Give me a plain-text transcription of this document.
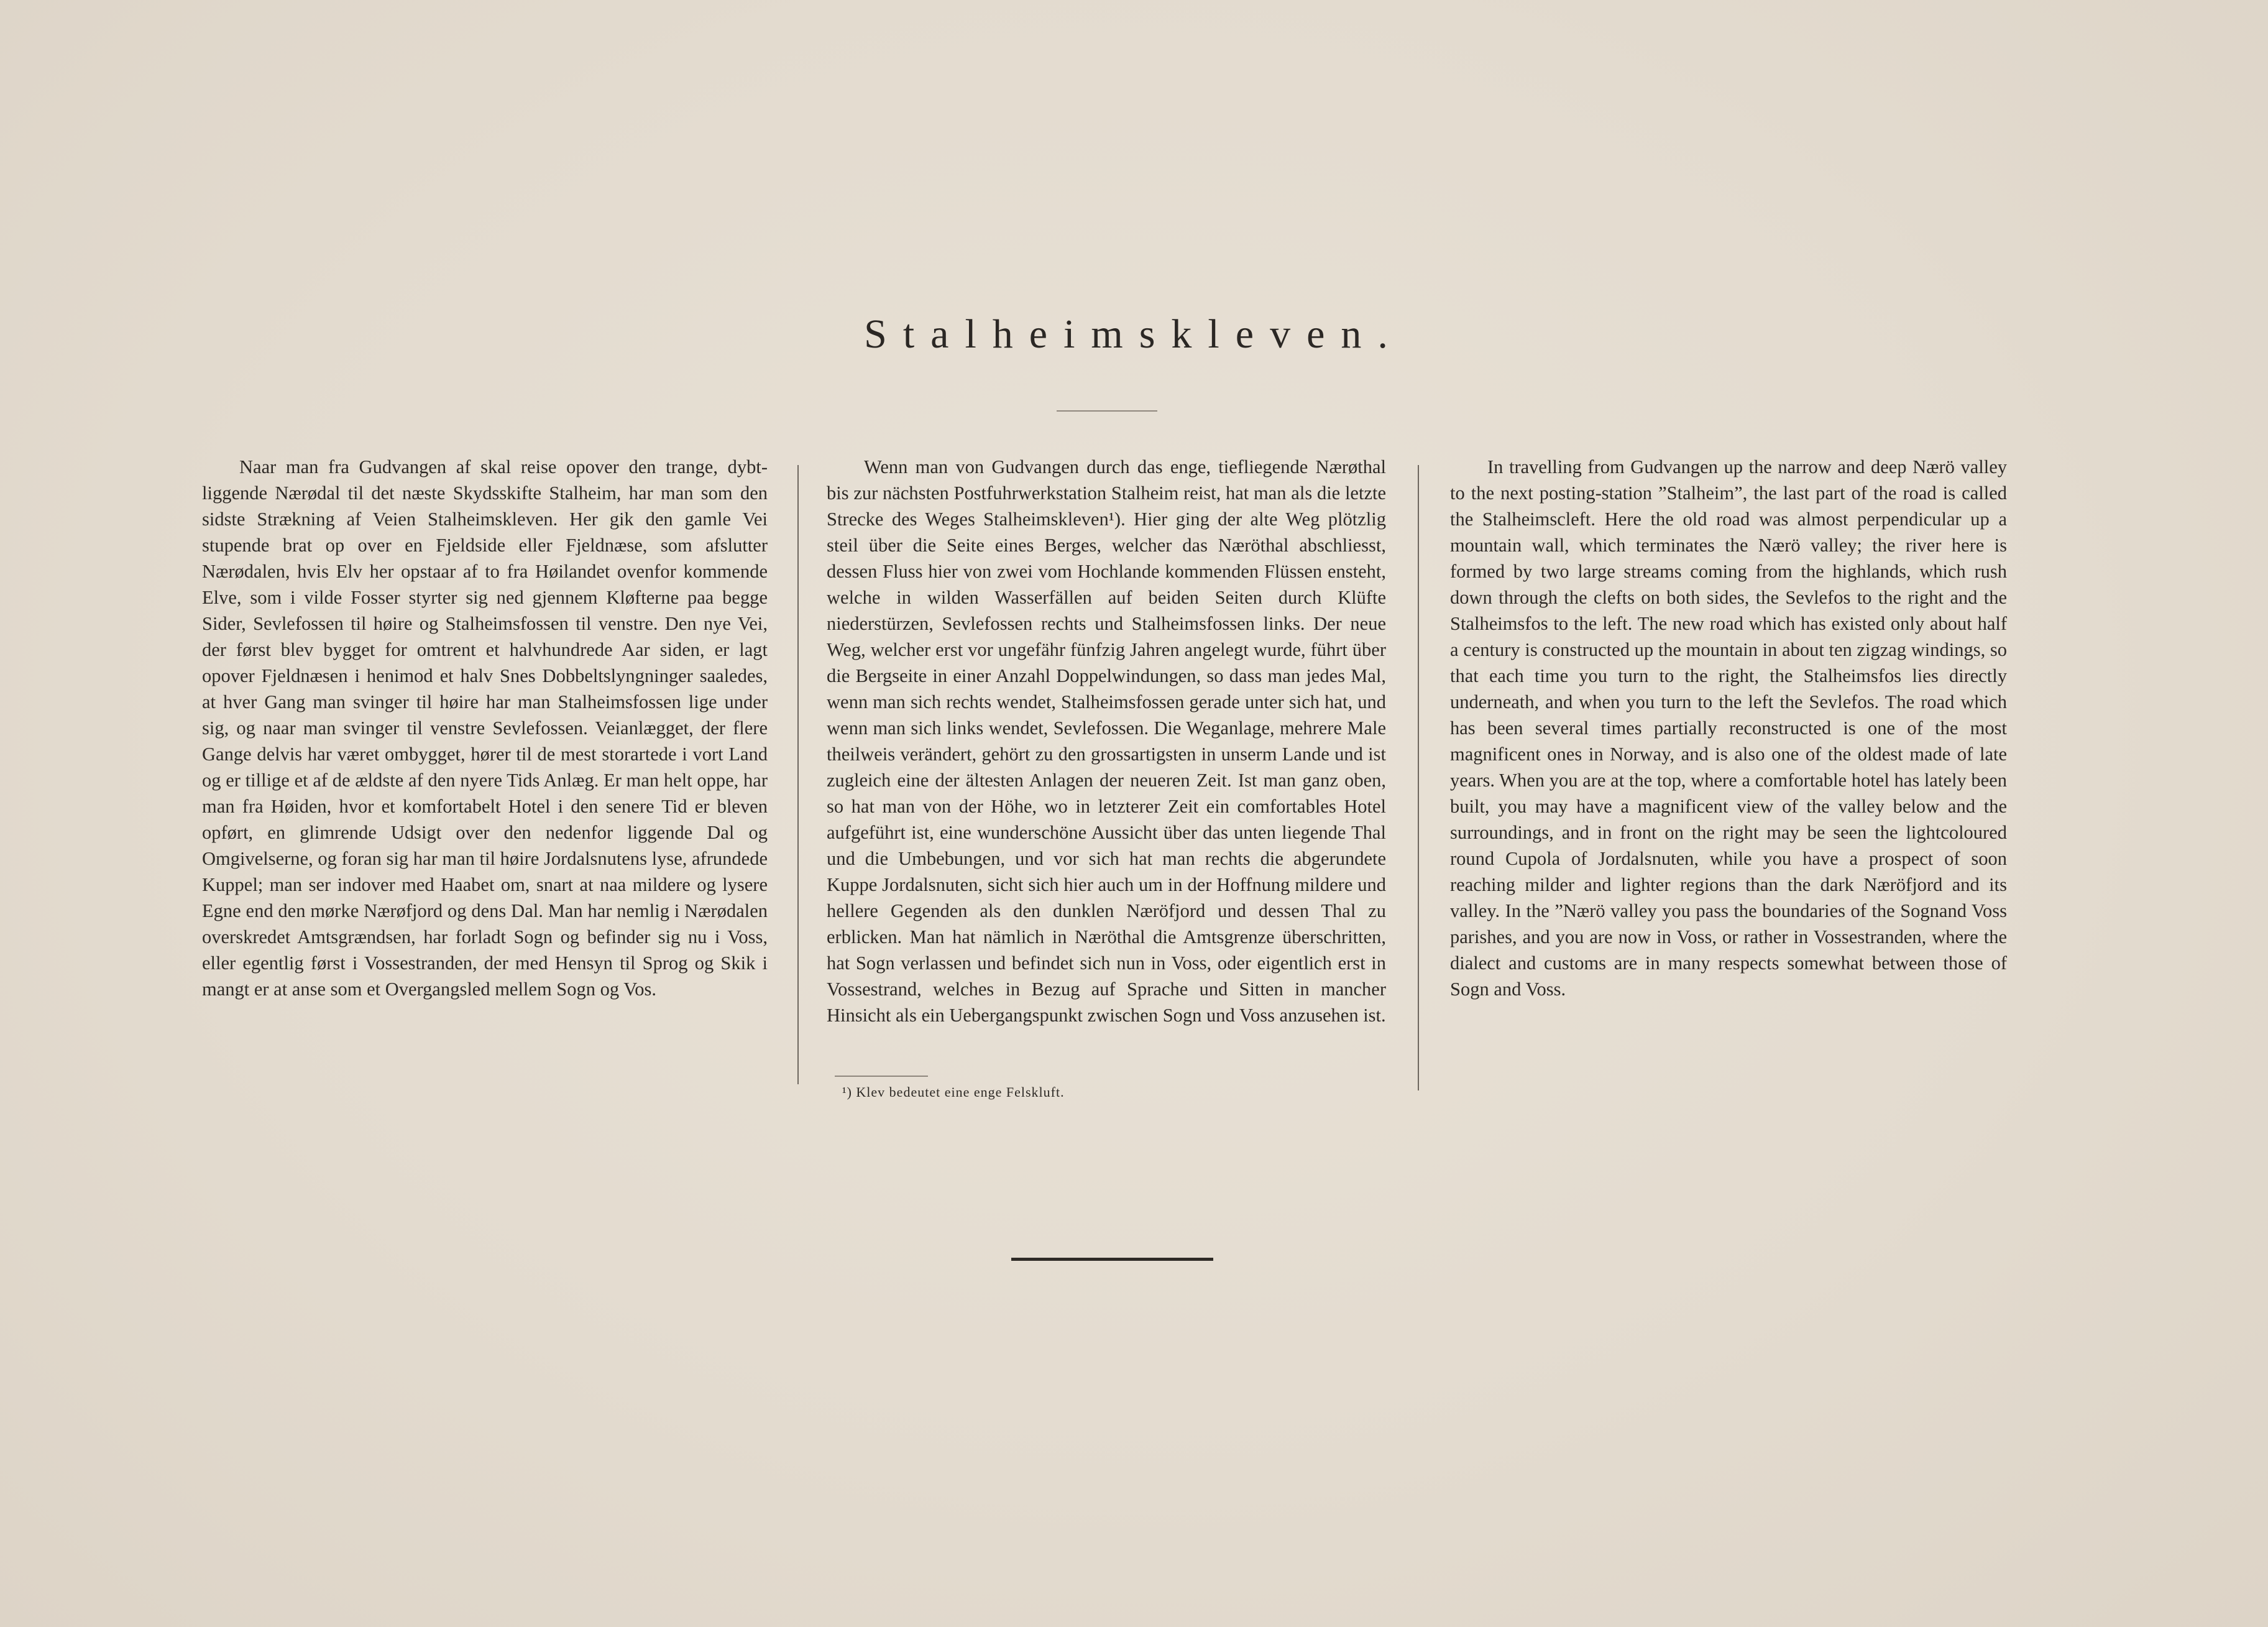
Stalheimskleven.

Naar man fra Gudvangen af skal reise opover den trange, dybtliggende Nærødal til det næste Skydsskifte Stalheim, har man som den sidste Strækning af Veien Stalheimskleven. Her gik den gamle Vei stupende brat op over en Fjeldside eller Fjeldnæse, som afslutter Nærødalen, hvis Elv her opstaar af to fra Høilandet ovenfor kommende Elve, som i vilde Fosser styrter sig ned gjennem Kløfterne paa begge Sider, Sevlefossen til høire og Stalheimsfossen til venstre. Den nye Vei, der først blev bygget for omtrent et halvhundrede Aar siden, er lagt opover Fjeldnæsen i henimod et halv Snes Dobbeltslyngninger saaledes, at hver Gang man svinger til høire har man Stalheimsfossen lige under sig, og naar man svinger til venstre Sevlefossen. Veianlægget, der flere Gange delvis har været ombygget, hører til de mest storartede i vort Land og er tillige et af de ældste af den nyere Tids Anlæg. Er man helt oppe, har man fra Høiden, hvor et komfortabelt Hotel i den senere Tid er bleven opført, en glimrende Udsigt over den nedenfor liggende Dal og Omgivelserne, og foran sig har man til høire Jordalsnutens lyse, afrundede Kuppel; man ser indover med Haabet om, snart at naa mildere og lysere Egne end den mørke Nærøfjord og dens Dal. Man har nemlig i Nærødalen overskredet Amtsgrændsen, har forladt Sogn og befinder sig nu i Voss, eller egentlig først i Vossestranden, der med Hensyn til Sprog og Skik i mangt er at anse som et Overgangsled mellem Sogn og Vos.

Wenn man von Gudvangen durch das enge, tiefliegende Nærøthal bis zur nächsten Postfuhrwerkstation Stalheim reist, hat man als die letzte Strecke des Weges Stalheimskleven¹). Hier ging der alte Weg plötzlig steil über die Seite eines Berges, welcher das Næröthal abschliesst, dessen Fluss hier von zwei vom Hochlande kommenden Flüssen ensteht, welche in wilden Wasserfällen auf beiden Seiten durch Klüfte niederstürzen, Sevlefossen rechts und Stalheimsfossen links. Der neue Weg, welcher erst vor ungefähr fünfzig Jahren angelegt wurde, führt über die Bergseite in einer Anzahl Doppelwindungen, so dass man jedes Mal, wenn man sich rechts wendet, Stalheimsfossen gerade unter sich hat, und wenn man sich links wendet, Sevlefossen. Die Weganlage, mehrere Male theilweis verändert, gehört zu den grossartigsten in unserm Lande und ist zugleich eine der ältesten Anlagen der neueren Zeit. Ist man ganz oben, so hat man von der Höhe, wo in letzterer Zeit ein comfortables Hotel aufgeführt ist, eine wunderschöne Aussicht über das unten liegende Thal und die Umbebungen, und vor sich hat man rechts die abgerundete Kuppe Jordalsnuten, sicht sich hier auch um in der Hoffnung mildere und hellere Gegenden als den dunklen Næröfjord und dessen Thal zu erblicken. Man hat nämlich in Næröthal die Amtsgrenze überschritten, hat Sogn verlassen und befindet sich nun in Voss, oder eigentlich erst in Vossestrand, welches in Bezug auf Sprache und Sitten in mancher Hinsicht als ein Uebergangspunkt zwischen Sogn und Voss anzusehen ist.

In travelling from Gudvangen up the narrow and deep Nærö valley to the next posting-station ”Stalheim”, the last part of the road is called the Stalheimscleft. Here the old road was almost perpendicular up a mountain wall, which terminates the Nærö valley; the river here is formed by two large streams coming from the highlands, which rush down through the clefts on both sides, the Sevlefos to the right and the Stalheimsfos to the left. The new road which has existed only about half a century is constructed up the mountain in about ten zigzag windings, so that each time you turn to the right, the Stalheimsfos lies directly underneath, and when you turn to the left the Sevlefos. The road which has been several times partially reconstructed is one of the most magnificent ones in Norway, and is also one of the oldest made of late years. When you are at the top, where a comfortable hotel has lately been built, you may have a magnificent view of the valley below and the surroundings, and in front on the right may be seen the lightcoloured round Cupola of Jordalsnuten, while you have a prospect of soon reaching milder and lighter regions than the dark Næröfjord and its valley. In the ”Nærö valley you pass the boundaries of the Sognand Voss parishes, and you are now in Voss, or rather in Vossestranden, where the dialect and customs are in many respects somewhat between those of Sogn and Voss.

¹) Klev bedeutet eine enge Felskluft.
